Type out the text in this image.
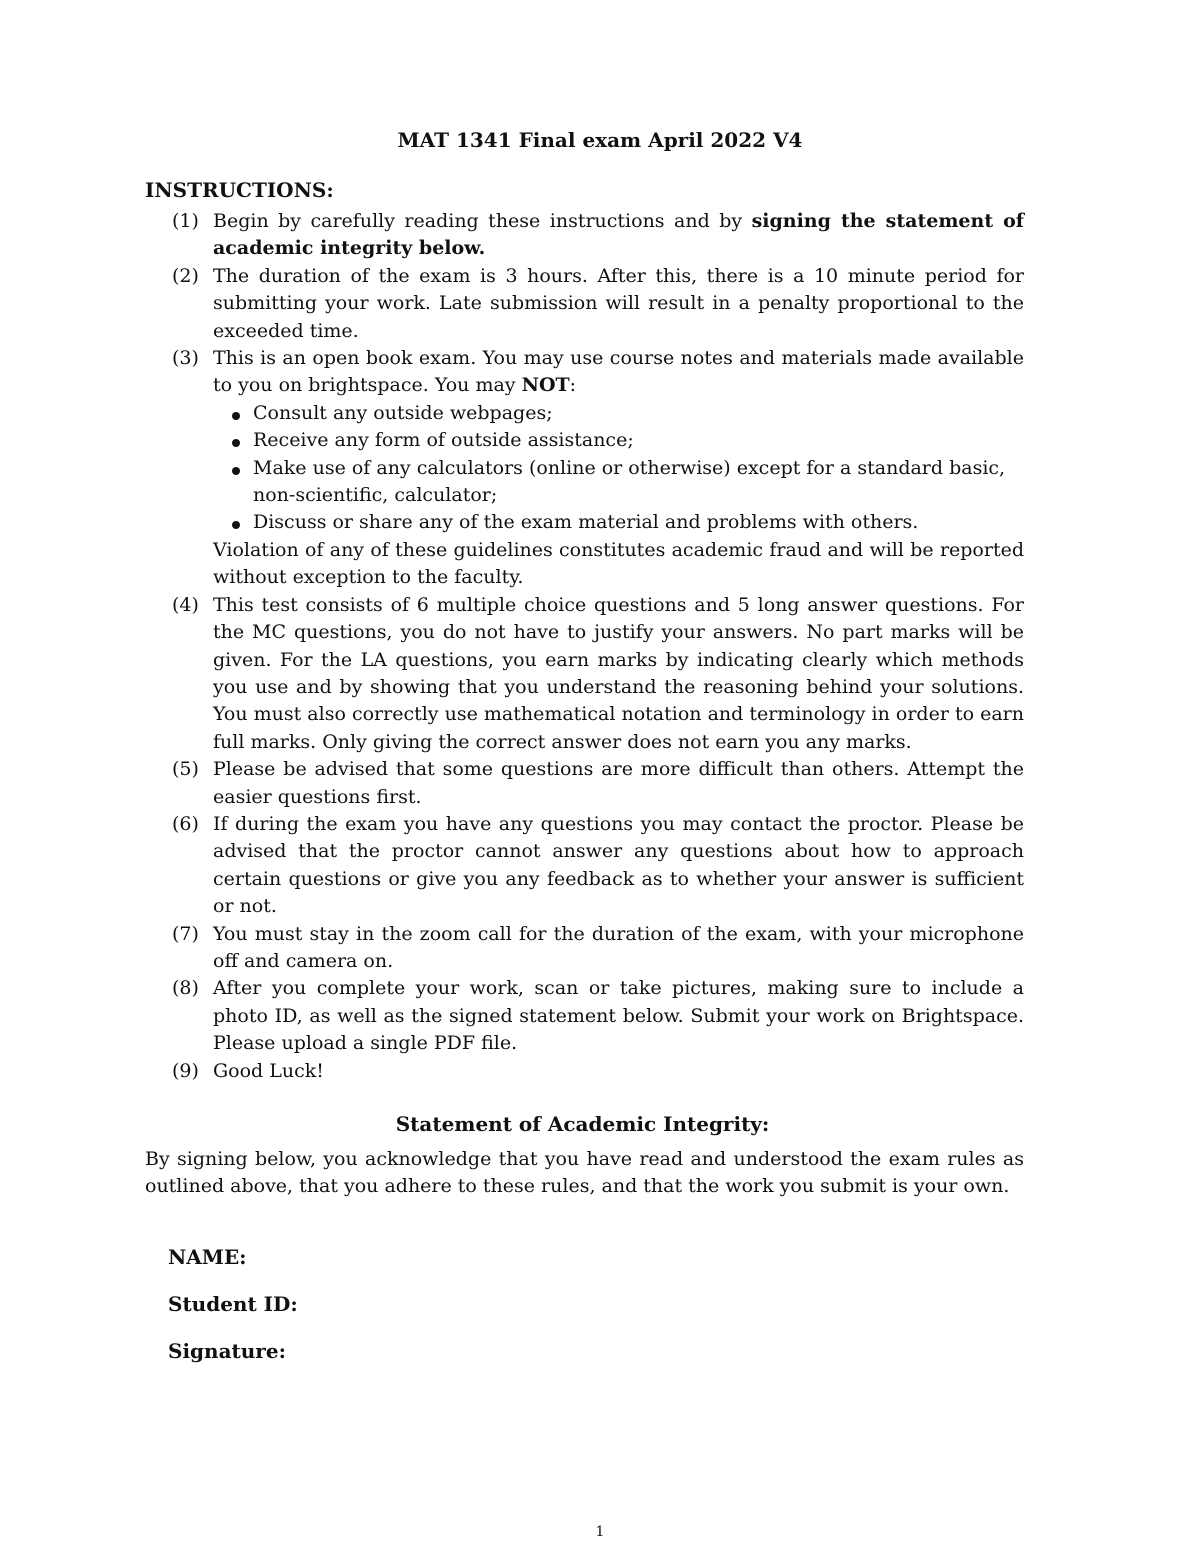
MAT 1341 Final exam April 2022 V4
INSTRUCTIONS:
(1) Begin by carefully reading these instructions and by signing the statement of academic integrity below.
(2) The duration of the exam is 3 hours. After this, there is a 10 minute period for submitting your work. Late submission will result in a penalty proportional to the exceeded time.
(3) This is an open book exam. You may use course notes and materials made available to you on brightspace. You may NOT:
Consult any outside webpages;
Receive any form of outside assistance;
Make use of any calculators (online or otherwise) except for a standard basic, non-scientific, calculator;
Discuss or share any of the exam material and problems with others.
Violation of any of these guidelines constitutes academic fraud and will be reported without exception to the faculty.
(4) This test consists of 6 multiple choice questions and 5 long answer questions. For the MC questions, you do not have to justify your answers. No part marks will be given. For the LA questions, you earn marks by indicating clearly which methods you use and by showing that you understand the reasoning behind your solutions. You must also correctly use mathematical notation and terminology in order to earn full marks. Only giving the correct answer does not earn you any marks.
(5) Please be advised that some questions are more difficult than others. Attempt the easier questions first.
(6) If during the exam you have any questions you may contact the proctor. Please be advised that the proctor cannot answer any questions about how to approach certain questions or give you any feedback as to whether your answer is sufficient or not.
(7) You must stay in the zoom call for the duration of the exam, with your microphone off and camera on.
(8) After you complete your work, scan or take pictures, making sure to include a photo ID, as well as the signed statement below. Submit your work on Brightspace. Please upload a single PDF file.
(9) Good Luck!
Statement of Academic Integrity:
By signing below, you acknowledge that you have read and understood the exam rules as outlined above, that you adhere to these rules, and that the work you submit is your own.
NAME:
Student ID:
Signature:
1
